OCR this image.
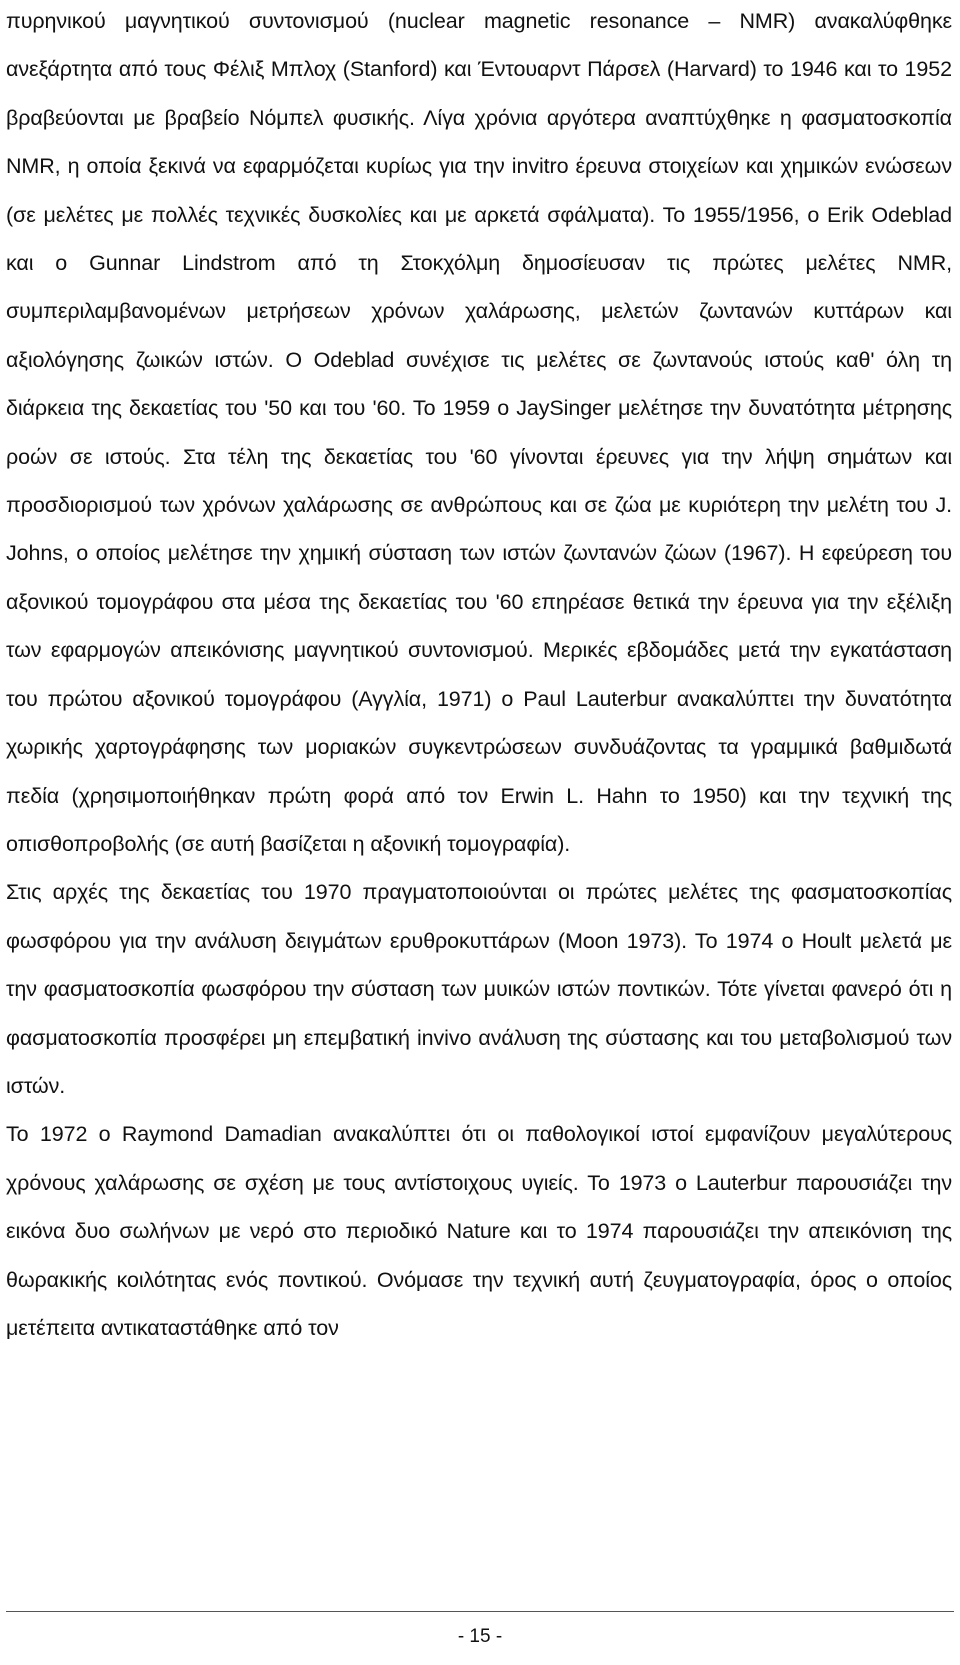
πυρηνικού μαγνητικού συντονισμού (nuclear magnetic resonance – NMR) ανακαλύφθηκε ανεξάρτητα από τους Φέλιξ Μπλοχ (Stanford) και Έντουαρντ Πάρσελ (Harvard) το 1946 και το 1952 βραβεύονται με βραβείο Νόμπελ φυσικής. Λίγα χρόνια αργότερα αναπτύχθηκε η φασματοσκοπία NMR, η οποία ξεκινά να εφαρμόζεται κυρίως για την invitro έρευνα στοιχείων και χημικών ενώσεων (σε μελέτες με πολλές τεχνικές δυσκολίες και με αρκετά σφάλματα). Το 1955/1956, ο Erik Odeblad και ο Gunnar Lindstrom από τη Στοκχόλμη δημοσίευσαν τις πρώτες μελέτες NMR, συμπεριλαμβανομένων μετρήσεων χρόνων χαλάρωσης, μελετών ζωντανών κυττάρων και αξιολόγησης ζωικών ιστών. Ο Odeblad συνέχισε τις μελέτες σε ζωντανούς ιστούς καθ' όλη τη διάρκεια της δεκαετίας του '50 και του '60. Το 1959 ο JaySinger μελέτησε την δυνατότητα μέτρησης ροών σε ιστούς. Στα τέλη της δεκαετίας του '60 γίνονται έρευνες για την λήψη σημάτων και προσδιορισμού των χρόνων χαλάρωσης σε ανθρώπους και σε ζώα με κυριότερη την μελέτη του J. Johns, ο οποίος μελέτησε την χημική σύσταση των ιστών ζωντανών ζώων (1967). Η εφεύρεση του αξονικού τομογράφου στα μέσα της δεκαετίας του '60 επηρέασε θετικά την έρευνα για την εξέλιξη των εφαρμογών απεικόνισης μαγνητικού συντονισμού. Μερικές εβδομάδες μετά την εγκατάσταση του πρώτου αξονικού τομογράφου (Αγγλία, 1971) ο Paul Lauterbur ανακαλύπτει την δυνατότητα χωρικής χαρτογράφησης των μοριακών συγκεντρώσεων συνδυάζοντας τα γραμμικά βαθμιδωτά πεδία (χρησιμοποιήθηκαν πρώτη φορά από τον Erwin L. Hahn το 1950) και την τεχνική της οπισθοπροβολής (σε αυτή βασίζεται η αξονική τομογραφία).

Στις αρχές της δεκαετίας του 1970 πραγματοποιούνται οι πρώτες μελέτες της φασματοσκοπίας φωσφόρου για την ανάλυση δειγμάτων ερυθροκυττάρων (Moon 1973). Το 1974 ο Hoult μελετά με την φασματοσκοπία φωσφόρου την σύσταση των μυικών ιστών ποντικών. Τότε γίνεται φανερό ότι η φασματοσκοπία προσφέρει μη επεμβατική invivo ανάλυση της σύστασης και του μεταβολισμού των ιστών.

Το 1972 ο Raymond Damadian ανακαλύπτει ότι οι παθολογικοί ιστοί εμφανίζουν μεγαλύτερους χρόνους χαλάρωσης σε σχέση με τους αντίστοιχους υγιείς. Το 1973 ο Lauterbur παρουσιάζει την εικόνα δυο σωλήνων με νερό στο περιοδικό Nature και το 1974 παρουσιάζει την απεικόνιση της θωρακικής κοιλότητας ενός ποντικού. Ονόμασε την τεχνική αυτή ζευγματογραφία, όρος ο οποίος μετέπειτα αντικαταστάθηκε από τον

- 15 -
